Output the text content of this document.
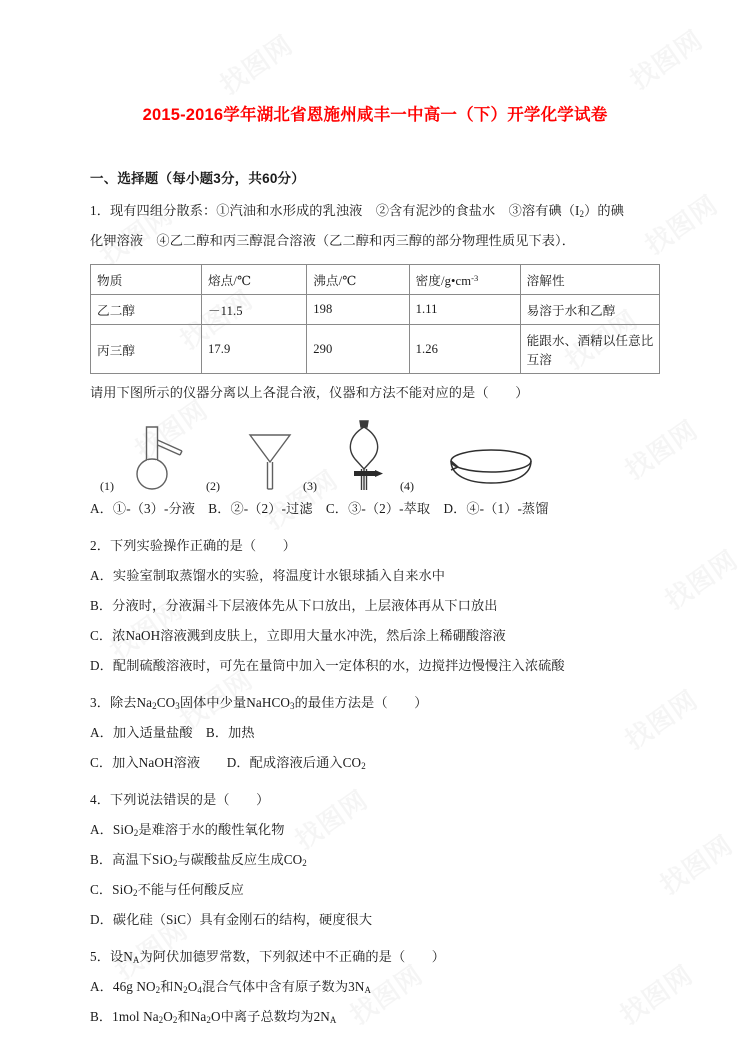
2015-2016学年湖北省恩施州咸丰一中高一（下）开学化学试卷
一、选择题（每小题3分，共60分）

1．现有四组分散系：①汽油和水形成的乳浊液　②含有泥沙的食盐水　③溶有碘$(I_2)$的碘

化钾溶液　④乙二醇和丙三醇混合溶液（乙二醇和丙三醇的部分物理性质见下表）．

物质	熔点/℃	沸点/℃	密度$/g•cm^{-3}$	溶解性
乙二醇	－11.5	198	1.11	易溶于水和乙醇
丙三醇	17.9	290	1.26	能跟水、酒精以任意比互溶

请用下图所示的仪器分离以上各混合液，仪器和方法不能对应的是（　　）

(1)	(2)	(3)	(4)

A．①-（3）-分液　B．②-（2）-过滤　C．③-（2）-萃取　D．④-（1）-蒸馏

2．下列实验操作正确的是（　　）

A．实验室制取蒸馏水的实验，将温度计水银球插入自来水中

B．分液时，分液漏斗下层液体先从下口放出，上层液体再从下口放出

C．浓NaOH溶液溅到皮肤上，立即用大量水冲洗，然后涂上稀硼酸溶液

D．配制硫酸溶液时，可先在量筒中加入一定体积的水，边搅拌边慢慢注入浓硫酸

3．除去$Na_2CO_3$固体中少量NaHCO$_3$的最佳方法是（　　）

A．加入适量盐酸　B．加热

C．加入NaOH溶液　　D．配成溶液后通入$CO_2$

4．下列说法错误的是（　　）

A．SiO$_2$是难溶于水的酸性氧化物

B．高温下SiO$_2$与碳酸盐反应生成$CO_2$

C．SiO$_2$不能与任何酸反应

D．碳化硅（SiC）具有金刚石的结构，硬度很大

5．设$N_A$为阿伏加德罗常数，下列叙述中不正确的是（　　）

A．46g $NO_2$和$N_2O_4$混合气体中含有原子数为$3N_A$

B．1mol $Na_2O_2$和$Na_2O$中离子总数均为$2N_A$
